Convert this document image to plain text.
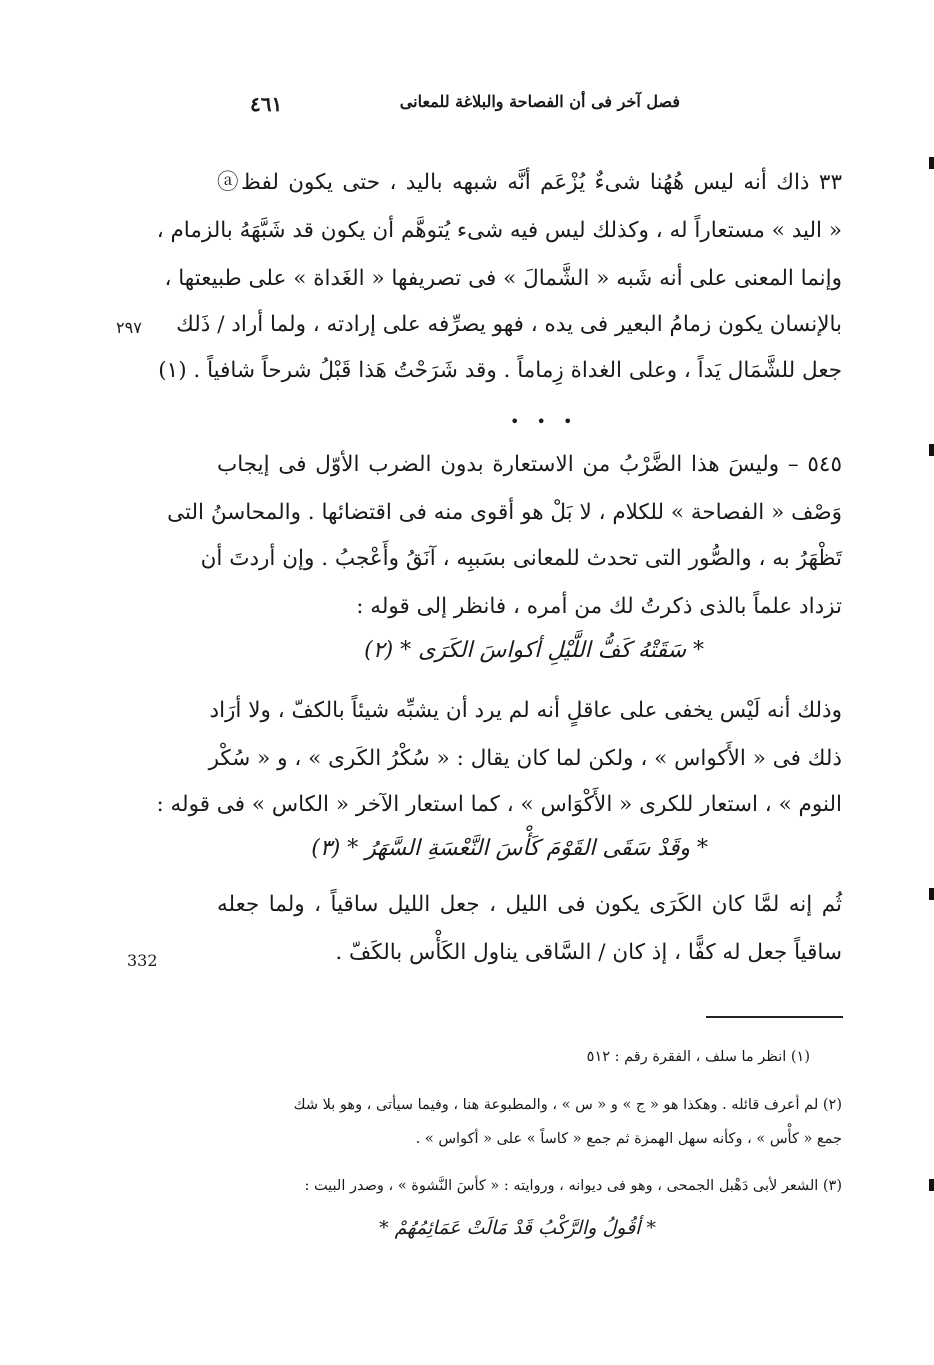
فصل آخر فى أن الفصاحة والبلاغة للمعانى
٤٦١
٢٩٧
332
ⓐ٣٣ ذاك أنه ليس هُهُنا شىءٌ يُزْعَم أنَّه شبهه باليد ، حتى يكون لفظ
« اليد » مستعاراً له ، وكذلك ليس فيه شىء يُتوهَّم أن يكون قد شَبَّهَهُ بالزمام ،
وإنما المعنى على أنه شَبه « الشَّمالَ » فى تصريفها « الغَداة » على طبيعتها ،
بالإنسان يكون زمامُ البعير فى يده ، فهو يصرِّفه على إرادته ، ولما أراد / ذَلك
جعل للشَّمَال يَداً ، وعلى الغداة زِماماً . وقد شَرَحْتُ هَذا قَبْلُ شرحاً شافياً . (١)
• • •
٥٤٥ – وليسَ هذا الضَّرْبُ من الاستعارة بدون الضرب الأوّل فى إيجاب
وَصْف « الفصاحة » للكلام ، لا بَلْ هو أقوى منه فى اقتضائها . والمحاسنُ التى
تَظْهَرُ به ، والصُّور التى تحدث للمعانى بسَببِه ، آنَقُ وأَعْجبُ . وإن أردتَ أن
تزداد علماً بالذى ذكرتُ لك من أمره ، فانظر إلى قوله :
* سَقَتْهُ كَفُّ اللَّيْلِ أكواسَ الكَرَى * (٢)
وذلك أنه لَيْس يخفى على عاقلٍ أنه لم يرد أن يشبِّه شيئاً بالكفّ ، ولا أرَاد
ذلك فى « الأَكواس » ، ولكن لما كان يقال : « سُكْرُ الكَرى » ، و « سُكْر
النوم » ، استعار للكرى « الأَكْوَاس » ، كما استعار الآخر « الكاس » فى قوله :
* وقَدْ سَقَى القَوْمَ كَأْسَ النَّعْسَةِ السَّهَرُ * (٣)
ثُم إنه لمَّا كان الكَرَى يكون فى الليل ، جعل الليل ساقياً ، ولما جعله
ساقياً جعل له كفًّا ، إذ كان / السَّاقى يناول الكَأْس بالكَفّ .
(١) انظر ما سلف ، الفقرة رقم : ٥١٢
(٢) لم أعرف قائله . وهكذا هو « ج » و « س » ، والمطبوعة هنا ، وفيما سيأتى ، وهو بلا شك
جمع « كأْس » ، وكأنه سهل الهمزة ثم جمع « كاساً » على « أكواس » .
(٣) الشعر لأبى دَهْبل الجمحى ، وهو فى ديوانه ، وروايته : « كأسَ النَّشوة » ، وصدر البيت :
* أقُولُ والرَّكْبُ قَدْ مَالَتْ عَمَائِمُهُمْ *
